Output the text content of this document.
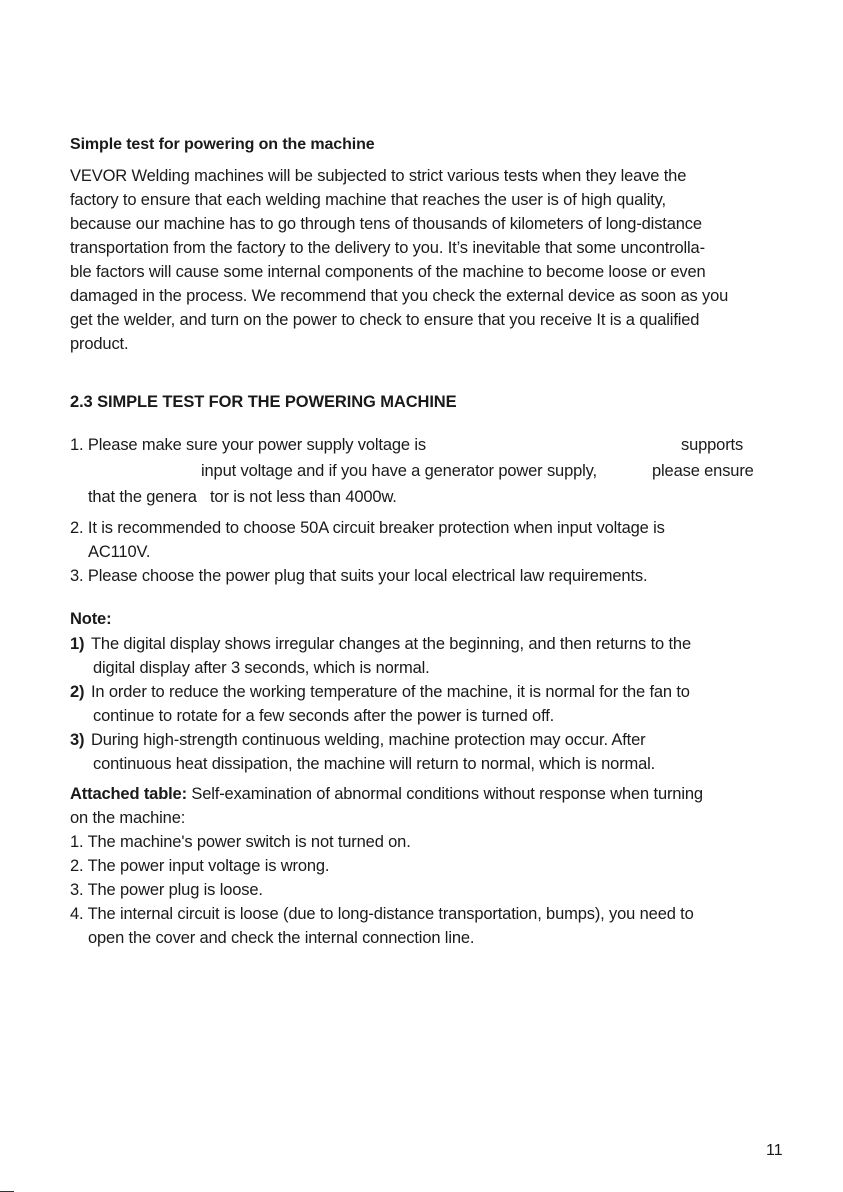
Simple test for powering on the machine
VEVOR Welding machines will be subjected to strict various tests when they leave the
factory to ensure that each welding machine that reaches the user is of high quality,
because our machine has to go through tens of thousands of kilometers of long-distance
transportation from the factory to the delivery to you. It’s inevitable that some uncontrolla-
ble factors will cause some internal components of the machine to become loose or even
damaged in the process. We recommend that you check the external device as soon as you
get the welder, and turn on the power to check to ensure that you receive It is a qualified
product.
2.3 SIMPLE TEST FOR THE POWERING MACHINE
1. Please make sure your power supply voltage is	supports
input voltage and if you have a generator power supply,	please ensure
that the genera tor is not less than 4000w.
2. It is recommended to choose 50A circuit breaker protection when input voltage is
AC110V.
3. Please choose the power plug that suits your local electrical law requirements.
Note:
1) The digital display shows irregular changes at the beginning, and then returns to the
digital display after 3 seconds, which is normal.
2) In order to reduce the working temperature of the machine, it is normal for the fan to
continue to rotate for a few seconds after the power is turned off.
3) During high-strength continuous welding, machine protection may occur. After
continuous heat dissipation, the machine will return to normal, which is normal.
Attached table: Self-examination of abnormal conditions without response when turning
on the machine:
1. The machine's power switch is not turned on.
2. The power input voltage is wrong.
3. The power plug is loose.
4. The internal circuit is loose (due to long-distance transportation, bumps), you need to
open the cover and check the internal connection line.
11
